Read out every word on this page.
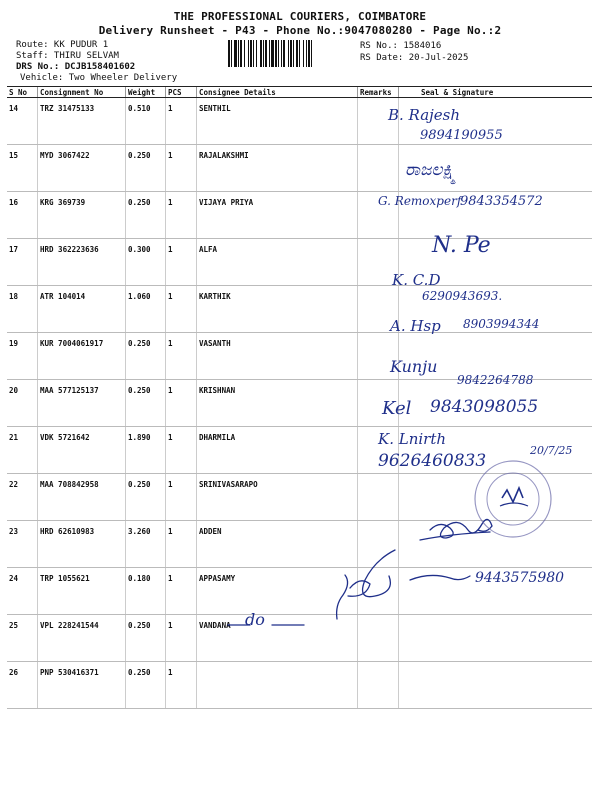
THE PROFESSIONAL COURIERS, COIMBATORE
Delivery Runsheet - P43 - Phone No.:9047080280 - Page No.:2
Route: KK PUDUR 1
Staff: THIRU SELVAM
DRS No.: DCJB158401602
Vehicle: Two Wheeler Delivery
RS No.: 1584016
RS Date: 20-Jul-2025
S No	Consignment No	Weight	PCS	Consignee Details	Remarks	Seal & Signature
14	TRZ 31475133	0.510	1	SENTHIL		
15	MYD 3067422	0.250	1	RAJALAKSHMI		
16	KRG 369739	0.250	1	VIJAYA PRIYA		
17	HRD 362223636	0.300	1	ALFA		
18	ATR 104014	1.060	1	KARTHIK		
19	KUR 7004061917	0.250	1	VASANTH		
20	MAA 577125137	0.250	1	KRISHNAN		
21	VDK 5721642	1.890	1	DHARMILA		
22	MAA 708842958	0.250	1	SRINIVASARAPO		
23	HRD 62610983	3.260	1	ADDEN		
24	TRP 1055621	0.180	1	APPASAMY		
25	VPL 228241544	0.250	1	VANDANA		
26	PNP 530416371	0.250	1			
B. Rajesh
9894190955
ರಾಜಲಕ್ಷ್ಮಿ
G. Remoxperf
9843354572
N. Pe
K. C.D
6290943693.
A. Hsp 8903994344
Kunju
9842264788
Kel 9843098055
K. Lnirth
9626460833
20/7/25
9443575980
do
